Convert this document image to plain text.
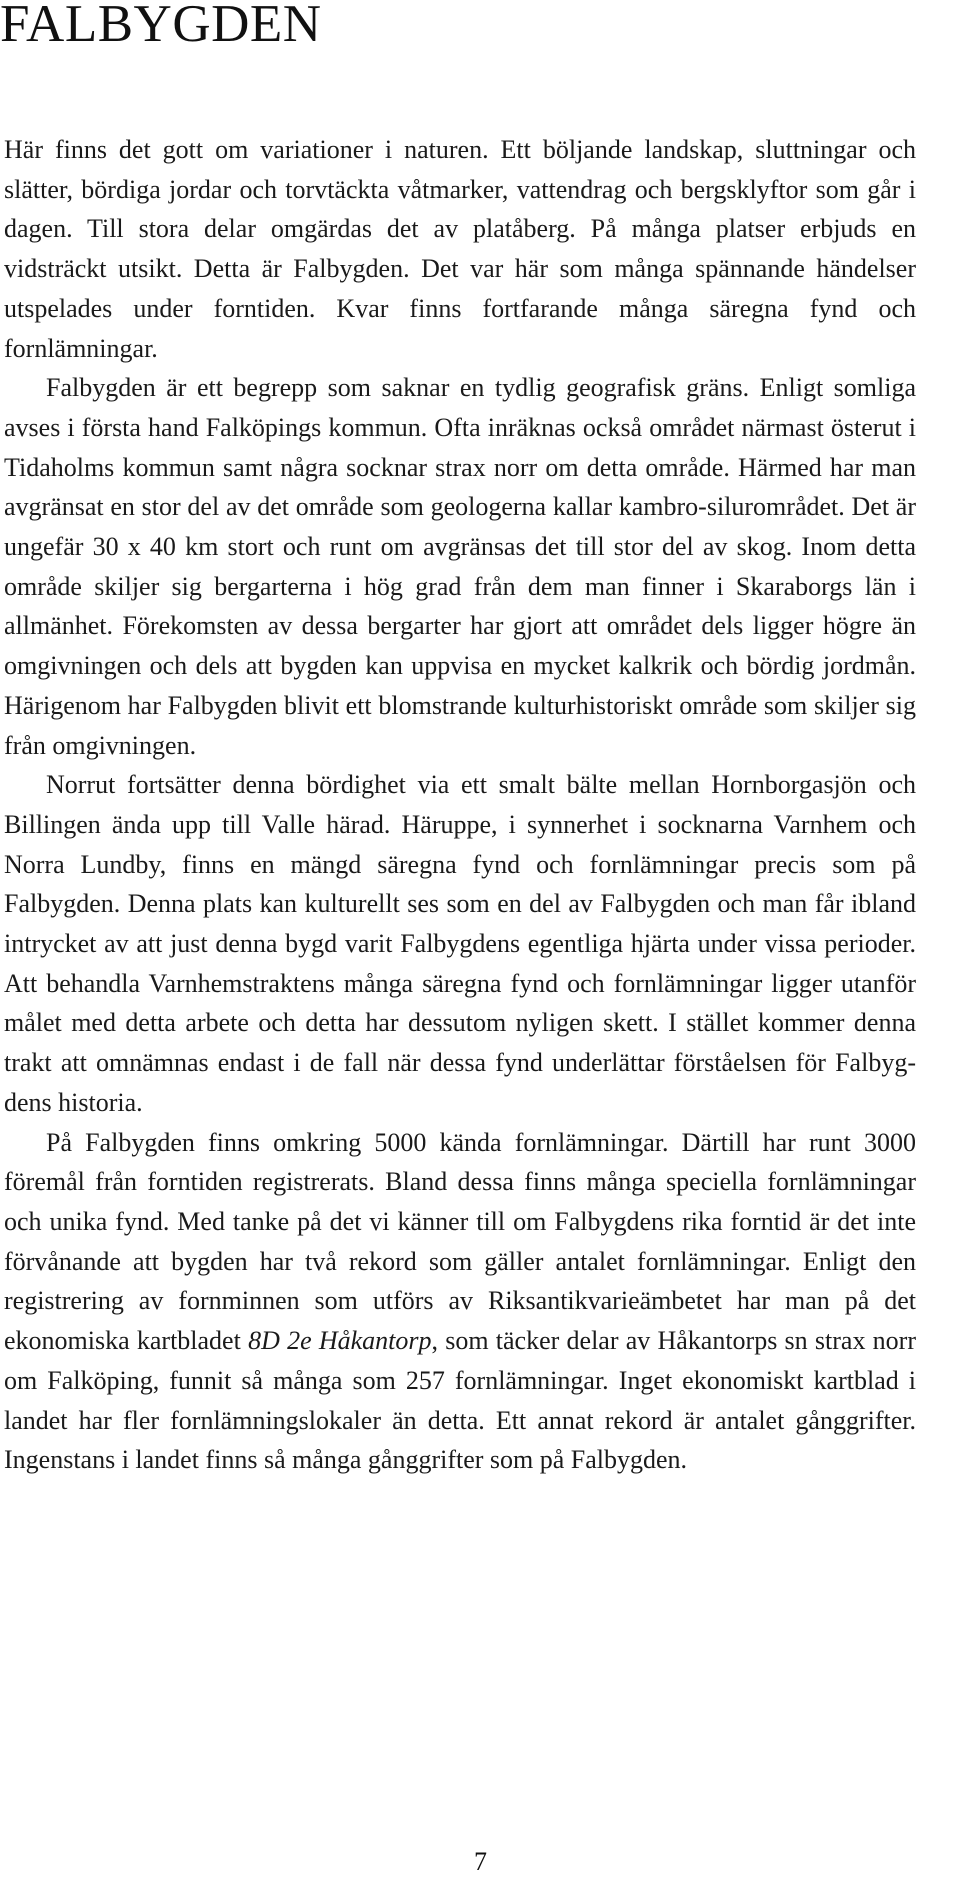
FALBYGDEN

Här finns det gott om variationer i naturen. Ett böljande landskap, sluttningar och slätter, bördiga jordar och torvtäckta våtmarker, vattendrag och bergsklyftor som går i dagen. Till stora delar omgärdas det av platåberg. På många platser erbjuds en vidsträckt utsikt. Detta är Falbygden. Det var här som många spännande händelser utspelades under forntiden. Kvar finns fortfarande många säregna fynd och fornlämningar.

Falbygden är ett begrepp som saknar en tydlig geografisk gräns. Enligt somliga avses i första hand Falköpings kommun. Ofta inräknas också området närmast österut i Tidaholms kommun samt några socknar strax norr om detta område. Härmed har man avgränsat en stor del av det område som geologerna kallar kambro-silurområdet. Det är ungefär 30 x 40 km stort och runt om avgränsas det till stor del av skog. Inom detta område skiljer sig bergarterna i hög grad från dem man finner i Skaraborgs län i allmänhet. Förekomsten av dessa bergarter har gjort att området dels ligger högre än omgivningen och dels att bygden kan uppvisa en mycket kalkrik och bördig jordmån. Härigenom har Falbygden blivit ett blomstrande kulturhistoriskt område som skiljer sig från omgivningen.

Norrut fortsätter denna bördighet via ett smalt bälte mellan Hornborgasjön och Billingen ända upp till Valle härad. Häruppe, i synnerhet i socknarna Varnhem och Norra Lundby, finns en mängd säregna fynd och fornlämningar precis som på Falbygden. Denna plats kan kulturellt ses som en del av Falbygden och man får ibland intrycket av att just denna bygd varit Falbygdens egentliga hjärta under vissa perioder. Att behandla Varnhemstraktens många säregna fynd och fornlämningar ligger utanför målet med detta arbete och detta har dessutom nyligen skett. I stället kommer denna trakt att omnämnas endast i de fall när dessa fynd underlättar förståelsen för Falbygdens historia.

På Falbygden finns omkring 5000 kända fornlämningar. Därtill har runt 3000 föremål från forntiden registrerats. Bland dessa finns många speciella fornlämningar och unika fynd. Med tanke på det vi känner till om Falbygdens rika forntid är det inte förvånande att bygden har två rekord som gäller antalet fornlämningar. Enligt den registrering av fornminnen som utförs av Riksantikvarieämbetet har man på det ekonomiska kartbladet 8D 2e Håkantorp, som täcker delar av Håkantorps sn strax norr om Falköping, funnit så många som 257 fornlämningar. Inget ekonomiskt kartblad i landet har fler fornlämningslokaler än detta. Ett annat rekord är antalet gånggrifter. Ingenstans i landet finns så många gånggrifter som på Falbygden.

7
